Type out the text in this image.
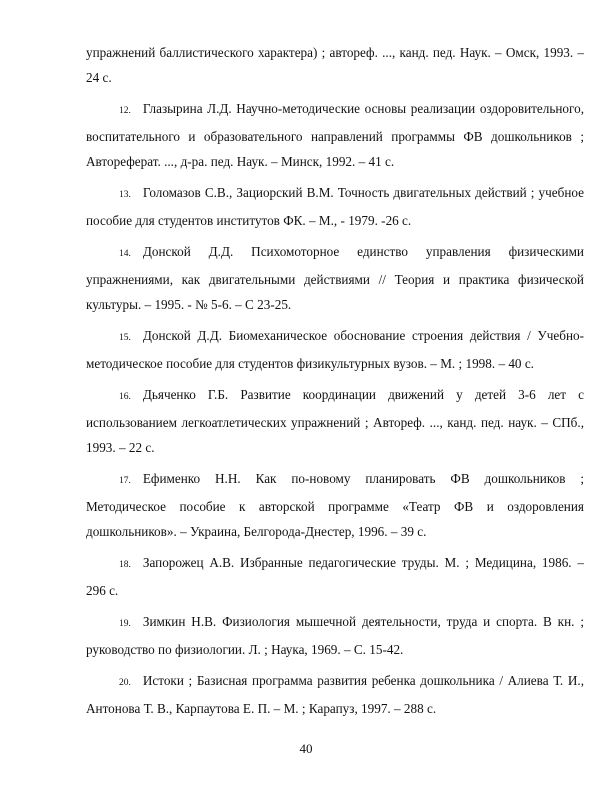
упражнений баллистического характера) ; автореф. ..., канд. пед. Наук. – Омск, 1993. – 24 с.

12. Глазырина Л.Д. Научно-методические основы реализации оздоровительного, воспитательного и образовательного направлений программы ФВ дошкольников ; Автореферат. ..., д-ра. пед. Наук. – Минск, 1992. – 41 с.

13. Голомазов С.В., Зациорский В.М. Точность двигательных действий ; учебное пособие для студентов институтов ФК. – М., - 1979. -26 с.

14. Донской Д.Д. Психомоторное единство управления физическими упражнениями, как двигательными действиями // Теория и практика физической культуры. – 1995. - № 5-6. – С 23-25.

15. Донской Д.Д. Биомеханическое обоснование строения действия / Учебно-методическое пособие для студентов физикультурных вузов. – М. ; 1998. – 40 с.

16. Дьяченко Г.Б. Развитие координации движений у детей 3-6 лет с использованием легкоатлетических упражнений ; Автореф. ..., канд. пед. наук. – СПб., 1993. – 22 с.

17. Ефименко Н.Н. Как по-новому планировать ФВ дошкольников ; Методическое пособие к авторской программе «Театр ФВ и оздоровления дошкольников». – Украина, Белгорода-Днестер, 1996. – 39 с.

18. Запорожец А.В. Избранные педагогические труды. М. ; Медицина, 1986. – 296 с.

19. Зимкин Н.В. Физиология мышечной деятельности, труда и спорта. В кн. ; руководство по физиологии. Л. ; Наука, 1969. – С. 15-42.

20. Истоки ; Базисная программа развития ребенка дошкольника / Алиева Т. И., Антонова Т. В., Карпаутова Е. П. – М. ; Карапуз, 1997. – 288 с.

40
